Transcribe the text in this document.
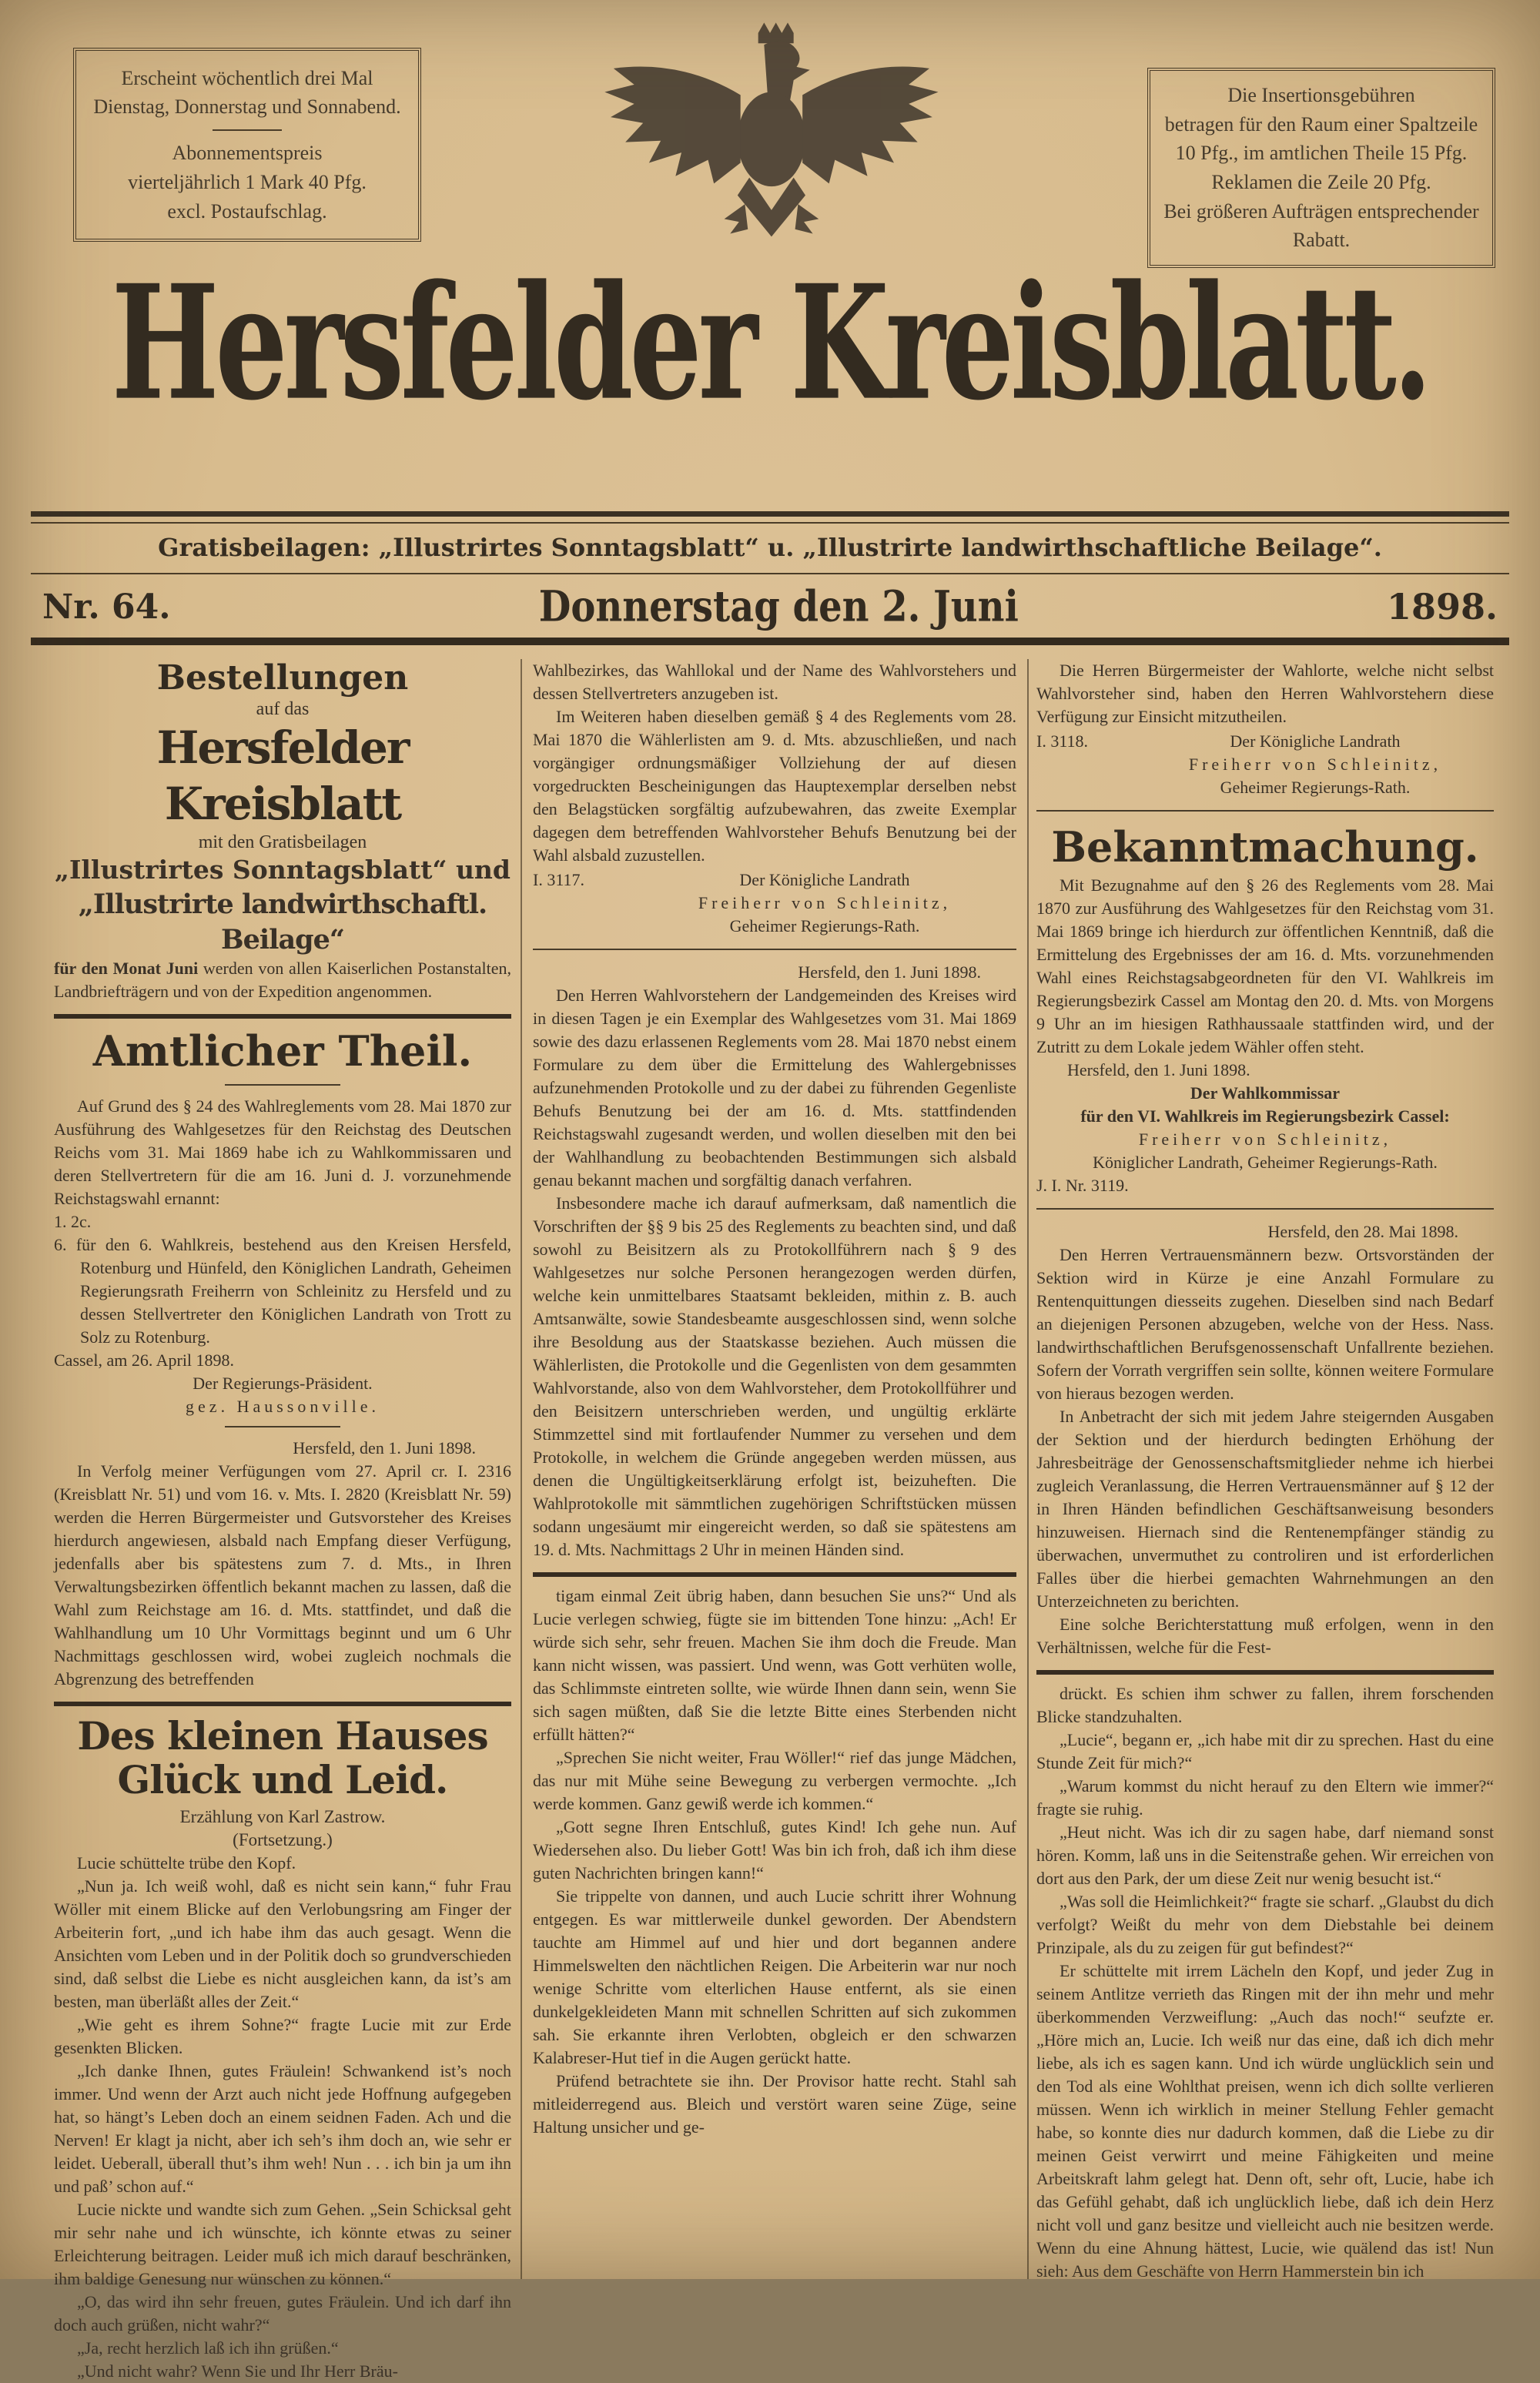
Erscheint wöchentlich drei Mal
Dienstag, Donnerstag und Sonnabend.
Abonnementspreis
vierteljährlich 1 Mark 40 Pfg.
excl. Postaufschlag.
Die Insertionsgebühren
betragen für den Raum einer Spaltzeile
10 Pfg., im amtlichen Theile 15 Pfg.
Reklamen die Zeile 20 Pfg.
Bei größeren Aufträgen entsprechender
Rabatt.
Hersfelder Kreisblatt.
Gratisbeilagen: „Illustrirtes Sonntagsblatt“ u. „Illustrirte landwirthschaftliche Beilage“.
Nr. 64.	Donnerstag den 2. Juni	1898.
Bestellungen
auf das
Hersfelder Kreisblatt
mit den Gratisbeilagen
„Illustrirtes Sonntagsblatt“ und
„Illustrirte landwirthschaftl. Beilage“

für den Monat Juni werden von allen Kaiserlichen Postanstalten, Landbriefträgern und von der Expedition angenommen.

Amtlicher Theil.

Auf Grund des § 24 des Wahlreglements vom 28. Mai 1870 zur Ausführung des Wahlgesetzes für den Reichstag des Deutschen Reichs vom 31. Mai 1869 habe ich zu Wahlkommissaren und deren Stellvertretern für die am 16. Juni d. J. vorzunehmende Reichstagswahl ernannt:

1. 2c.

6. für den 6. Wahlkreis, bestehend aus den Kreisen Hersfeld, Rotenburg und Hünfeld, den Königlichen Landrath, Geheimen Regierungsrath Freiherrn von Schleinitz zu Hersfeld und zu dessen Stellvertreter den Königlichen Landrath von Trott zu Solz zu Rotenburg.

Cassel, am 26. April 1898.

Der Regierungs-Präsident.
gez. Haussonville.

Hersfeld, den 1. Juni 1898.

In Verfolg meiner Verfügungen vom 27. April cr. I. 2316 (Kreisblatt Nr. 51) und vom 16. v. Mts. I. 2820 (Kreisblatt Nr. 59) werden die Herren Bürgermeister und Gutsvorsteher des Kreises hierdurch angewiesen, alsbald nach Empfang dieser Verfügung, jedenfalls aber bis spätestens zum 7. d. Mts., in Ihren Verwaltungsbezirken öffentlich bekannt machen zu lassen, daß die Wahl zum Reichstage am 16. d. Mts. stattfindet, und daß die Wahlhandlung um 10 Uhr Vormittags beginnt und um 6 Uhr Nachmittags geschlossen wird, wobei zugleich nochmals die Abgrenzung des betreffenden

Des kleinen Hauses Glück und Leid.
Erzählung von Karl Zastrow.
(Fortsetzung.)

Lucie schüttelte trübe den Kopf.

„Nun ja. Ich weiß wohl, daß es nicht sein kann,“ fuhr Frau Wöller mit einem Blicke auf den Verlobungsring am Finger der Arbeiterin fort, „und ich habe ihm das auch gesagt. Wenn die Ansichten vom Leben und in der Politik doch so grundverschieden sind, daß selbst die Liebe es nicht ausgleichen kann, da ist’s am besten, man überläßt alles der Zeit.“

„Wie geht es ihrem Sohne?“ fragte Lucie mit zur Erde gesenkten Blicken.

„Ich danke Ihnen, gutes Fräulein! Schwankend ist’s noch immer. Und wenn der Arzt auch nicht jede Hoffnung aufgegeben hat, so hängt’s Leben doch an einem seidnen Faden. Ach und die Nerven! Er klagt ja nicht, aber ich seh’s ihm doch an, wie sehr er leidet. Ueberall, überall thut’s ihm weh! Nun . . . ich bin ja um ihn und paß’ schon auf.“

Lucie nickte und wandte sich zum Gehen. „Sein Schicksal geht mir sehr nahe und ich wünschte, ich könnte etwas zu seiner Erleichterung beitragen. Leider muß ich mich darauf beschränken, ihm baldige Genesung nur wünschen zu können.“

„O, das wird ihn sehr freuen, gutes Fräulein. Und ich darf ihn doch auch grüßen, nicht wahr?“

„Ja, recht herzlich laß ich ihn grüßen.“

„Und nicht wahr? Wenn Sie und Ihr Herr Bräu-

Wahlbezirkes, das Wahllokal und der Name des Wahlvorstehers und dessen Stellvertreters anzugeben ist.

Im Weiteren haben dieselben gemäß § 4 des Reglements vom 28. Mai 1870 die Wählerlisten am 9. d. Mts. abzuschließen, und nach vorgängiger ordnungsmäßiger Vollziehung der auf diesen vorgedruckten Bescheinigungen das Hauptexemplar derselben nebst den Belagstücken sorgfältig aufzubewahren, das zweite Exemplar dagegen dem betreffenden Wahlvorsteher Behufs Benutzung bei der Wahl alsbald zuzustellen.

I. 3117.	Der Königliche Landrath
Freiherr von Schleinitz,
Geheimer Regierungs-Rath.

Hersfeld, den 1. Juni 1898.

Den Herren Wahlvorstehern der Landgemeinden des Kreises wird in diesen Tagen je ein Exemplar des Wahlgesetzes vom 31. Mai 1869 sowie des dazu erlassenen Reglements vom 28. Mai 1870 nebst einem Formulare zu dem über die Ermittelung des Wahlergebnisses aufzunehmenden Protokolle und zu der dabei zu führenden Gegenliste Behufs Benutzung bei der am 16. d. Mts. stattfindenden Reichstagswahl zugesandt werden, und wollen dieselben mit den bei der Wahlhandlung zu beobachtenden Bestimmungen sich alsbald genau bekannt machen und sorgfältig danach verfahren.

Insbesondere mache ich darauf aufmerksam, daß namentlich die Vorschriften der §§ 9 bis 25 des Reglements zu beachten sind, und daß sowohl zu Beisitzern als zu Protokollführern nach § 9 des Wahlgesetzes nur solche Personen herangezogen werden dürfen, welche kein unmittelbares Staatsamt bekleiden, mithin z. B. auch Amtsanwälte, sowie Standesbeamte ausgeschlossen sind, wenn solche ihre Besoldung aus der Staatskasse beziehen. Auch müssen die Wählerlisten, die Protokolle und die Gegenlisten von dem gesammten Wahlvorstande, also von dem Wahlvorsteher, dem Protokollführer und den Beisitzern unterschrieben werden, und ungültig erklärte Stimmzettel sind mit fortlaufender Nummer zu versehen und dem Protokolle, in welchem die Gründe angegeben werden müssen, aus denen die Ungültigkeitserklärung erfolgt ist, beizuheften. Die Wahlprotokolle mit sämmtlichen zugehörigen Schriftstücken müssen sodann ungesäumt mir eingereicht werden, so daß sie spätestens am 19. d. Mts. Nachmittags 2 Uhr in meinen Händen sind.

tigam einmal Zeit übrig haben, dann besuchen Sie uns?“ Und als Lucie verlegen schwieg, fügte sie im bittenden Tone hinzu: „Ach! Er würde sich sehr, sehr freuen. Machen Sie ihm doch die Freude. Man kann nicht wissen, was passiert. Und wenn, was Gott verhüten wolle, das Schlimmste eintreten sollte, wie würde Ihnen dann sein, wenn Sie sich sagen müßten, daß Sie die letzte Bitte eines Sterbenden nicht erfüllt hätten?“

„Sprechen Sie nicht weiter, Frau Wöller!“ rief das junge Mädchen, das nur mit Mühe seine Bewegung zu verbergen vermochte. „Ich werde kommen. Ganz gewiß werde ich kommen.“

„Gott segne Ihren Entschluß, gutes Kind! Ich gehe nun. Auf Wiedersehen also. Du lieber Gott! Was bin ich froh, daß ich ihm diese guten Nachrichten bringen kann!“

Sie trippelte von dannen, und auch Lucie schritt ihrer Wohnung entgegen. Es war mittlerweile dunkel geworden. Der Abendstern tauchte am Himmel auf und hier und dort begannen andere Himmelswelten den nächtlichen Reigen. Die Arbeiterin war nur noch wenige Schritte vom elterlichen Hause entfernt, als sie einen dunkelgekleideten Mann mit schnellen Schritten auf sich zukommen sah. Sie erkannte ihren Verlobten, obgleich er den schwarzen Kalabreser-Hut tief in die Augen gerückt hatte.

Prüfend betrachtete sie ihn. Der Provisor hatte recht. Stahl sah mitleiderregend aus. Bleich und verstört waren seine Züge, seine Haltung unsicher und ge-

Die Herren Bürgermeister der Wahlorte, welche nicht selbst Wahlvorsteher sind, haben den Herren Wahlvorstehern diese Verfügung zur Einsicht mitzutheilen.

I. 3118.	Der Königliche Landrath
Freiherr von Schleinitz,
Geheimer Regierungs-Rath.
Bekanntmachung.

Mit Bezugnahme auf den § 26 des Reglements vom 28. Mai 1870 zur Ausführung des Wahlgesetzes für den Reichstag vom 31. Mai 1869 bringe ich hierdurch zur öffentlichen Kenntniß, daß die Ermittelung des Ergebnisses der am 16. d. Mts. vorzunehmenden Wahl eines Reichstagsabgeordneten für den VI. Wahlkreis im Regierungsbezirk Cassel am Montag den 20. d. Mts. von Morgens 9 Uhr an im hiesigen Rathhaussaale stattfinden wird, und der Zutritt zu dem Lokale jedem Wähler offen steht.

Hersfeld, den 1. Juni 1898.

Der Wahlkommissar
für den VI. Wahlkreis im Regierungsbezirk Cassel:
Freiherr von Schleinitz,
Königlicher Landrath, Geheimer Regierungs-Rath.

J. I. Nr. 3119.

Hersfeld, den 28. Mai 1898.

Den Herren Vertrauensmännern bezw. Ortsvorständen der Sektion wird in Kürze je eine Anzahl Formulare zu Rentenquittungen diesseits zugehen. Dieselben sind nach Bedarf an diejenigen Personen abzugeben, welche von der Hess. Nass. landwirthschaftlichen Berufsgenossenschaft Unfallrente beziehen. Sofern der Vorrath vergriffen sein sollte, können weitere Formulare von hieraus bezogen werden.

In Anbetracht der sich mit jedem Jahre steigernden Ausgaben der Sektion und der hierdurch bedingten Erhöhung der Jahresbeiträge der Genossenschaftsmitglieder nehme ich hierbei zugleich Veranlassung, die Herren Vertrauensmänner auf § 12 der in Ihren Händen befindlichen Geschäftsanweisung besonders hinzuweisen. Hiernach sind die Rentenempfänger ständig zu überwachen, unvermuthet zu controliren und ist erforderlichen Falles über die hierbei gemachten Wahrnehmungen an den Unterzeichneten zu berichten.

Eine solche Berichterstattung muß erfolgen, wenn in den Verhältnissen, welche für die Fest-

drückt. Es schien ihm schwer zu fallen, ihrem forschenden Blicke standzuhalten.

„Lucie“, begann er, „ich habe mit dir zu sprechen. Hast du eine Stunde Zeit für mich?“

„Warum kommst du nicht herauf zu den Eltern wie immer?“ fragte sie ruhig.

„Heut nicht. Was ich dir zu sagen habe, darf niemand sonst hören. Komm, laß uns in die Seitenstraße gehen. Wir erreichen von dort aus den Park, der um diese Zeit nur wenig besucht ist.“

„Was soll die Heimlichkeit?“ fragte sie scharf. „Glaubst du dich verfolgt? Weißt du mehr von dem Diebstahle bei deinem Prinzipale, als du zu zeigen für gut befindest?“

Er schüttelte mit irrem Lächeln den Kopf, und jeder Zug in seinem Antlitze verrieth das Ringen mit der ihn mehr und mehr überkommenden Verzweiflung: „Auch das noch!“ seufzte er. „Höre mich an, Lucie. Ich weiß nur das eine, daß ich dich mehr liebe, als ich es sagen kann. Und ich würde unglücklich sein und den Tod als eine Wohlthat preisen, wenn ich dich sollte verlieren müssen. Wenn ich wirklich in meiner Stellung Fehler gemacht habe, so konnte dies nur dadurch kommen, daß die Liebe zu dir meinen Geist verwirrt und meine Fähigkeiten und meine Arbeitskraft lahm gelegt hat. Denn oft, sehr oft, Lucie, habe ich das Gefühl gehabt, daß ich unglücklich liebe, daß ich dein Herz nicht voll und ganz besitze und vielleicht auch nie besitzen werde. Wenn du eine Ahnung hättest, Lucie, wie quälend das ist! Nun sieh: Aus dem Geschäfte von Herrn Hammerstein bin ich
